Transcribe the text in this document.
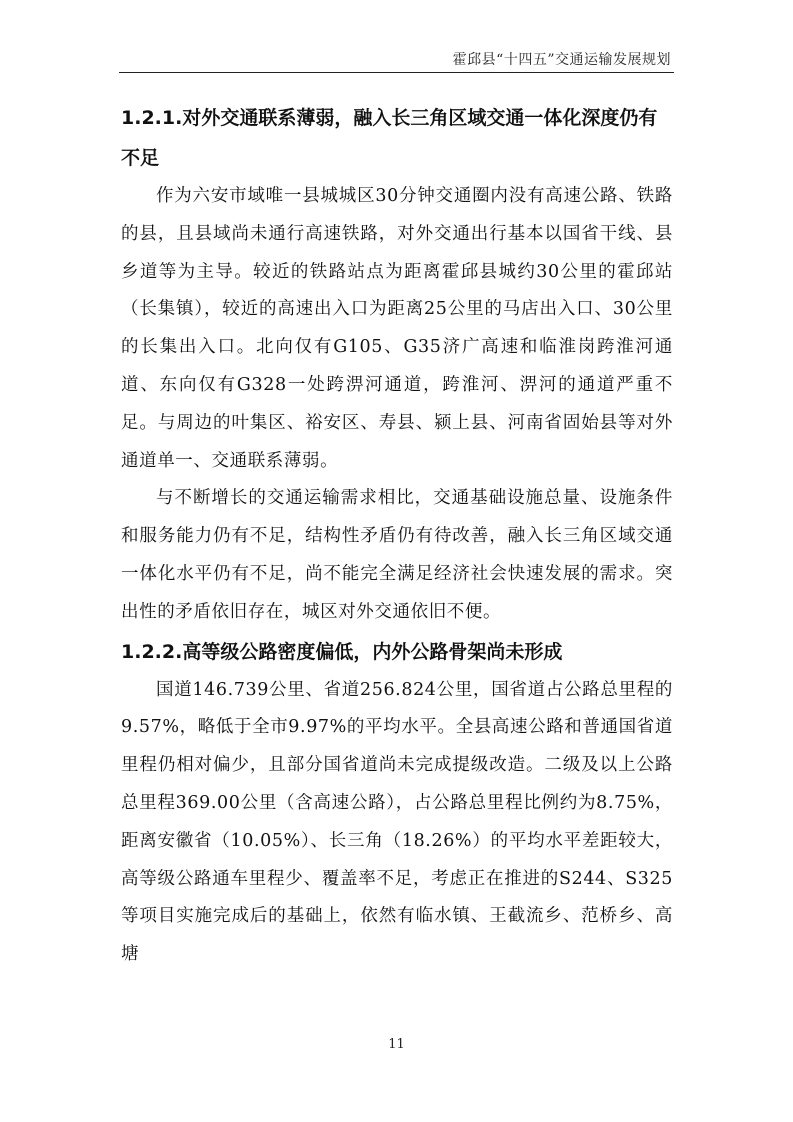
霍邱县“十四五”交通运输发展规划
1.2.1.对外交通联系薄弱，融入长三角区域交通一体化深度仍有不足

作为六安市域唯一县城城区30分钟交通圈内没有高速公路、铁路的县，且县域尚未通行高速铁路，对外交通出行基本以国省干线、县乡道等为主导。较近的铁路站点为距离霍邱县城约30公里的霍邱站（长集镇），较近的高速出入口为距离25公里的马店出入口、30公里的长集出入口。北向仅有G105、G35济广高速和临淮岗跨淮河通道、东向仅有G328一处跨淠河通道，跨淮河、淠河的通道严重不足。与周边的叶集区、裕安区、寿县、颍上县、河南省固始县等对外通道单一、交通联系薄弱。

与不断增长的交通运输需求相比，交通基础设施总量、设施条件和服务能力仍有不足，结构性矛盾仍有待改善，融入长三角区域交通一体化水平仍有不足，尚不能完全满足经济社会快速发展的需求。突出性的矛盾依旧存在，城区对外交通依旧不便。

1.2.2.高等级公路密度偏低，内外公路骨架尚未形成

国道146.739公里、省道256.824公里，国省道占公路总里程的9.57%，略低于全市9.97%的平均水平。全县高速公路和普通国省道里程仍相对偏少，且部分国省道尚未完成提级改造。二级及以上公路总里程369.00公里（含高速公路），占公路总里程比例约为8.75%，距离安徽省（10.05%）、长三角（18.26%）的平均水平差距较大，高等级公路通车里程少、覆盖率不足，考虑正在推进的S244、S325等项目实施完成后的基础上，依然有临水镇、王截流乡、范桥乡、高塘

11
